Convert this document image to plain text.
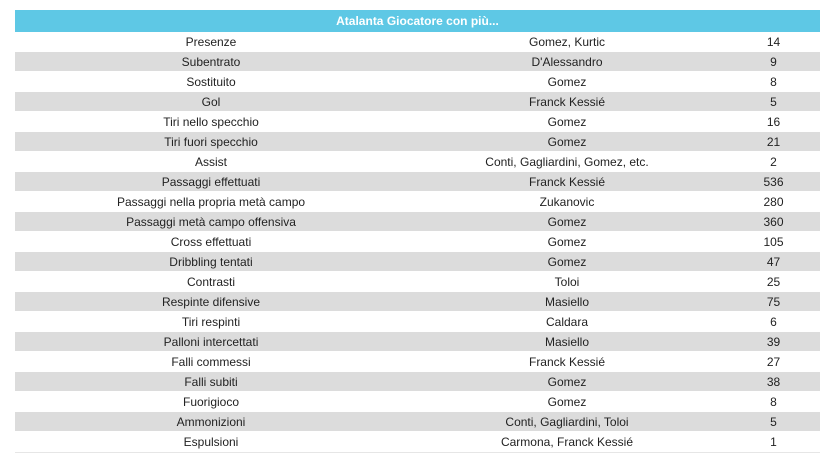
Atalanta Giocatore con più...
Presenze	Gomez, Kurtic	14
Subentrato	D'Alessandro	9
Sostituito	Gomez	8
Gol	Franck Kessié	5
Tiri nello specchio	Gomez	16
Tiri fuori specchio	Gomez	21
Assist	Conti, Gagliardini, Gomez, etc.	2
Passaggi effettuati	Franck Kessié	536
Passaggi nella propria metà campo	Zukanovic	280
Passaggi metà campo offensiva	Gomez	360
Cross effettuati	Gomez	105
Dribbling tentati	Gomez	47
Contrasti	Toloi	25
Respinte difensive	Masiello	75
Tiri respinti	Caldara	6
Palloni intercettati	Masiello	39
Falli commessi	Franck Kessié	27
Falli subiti	Gomez	38
Fuorigioco	Gomez	8
Ammonizioni	Conti, Gagliardini, Toloi	5
Espulsioni	Carmona, Franck Kessié	1
